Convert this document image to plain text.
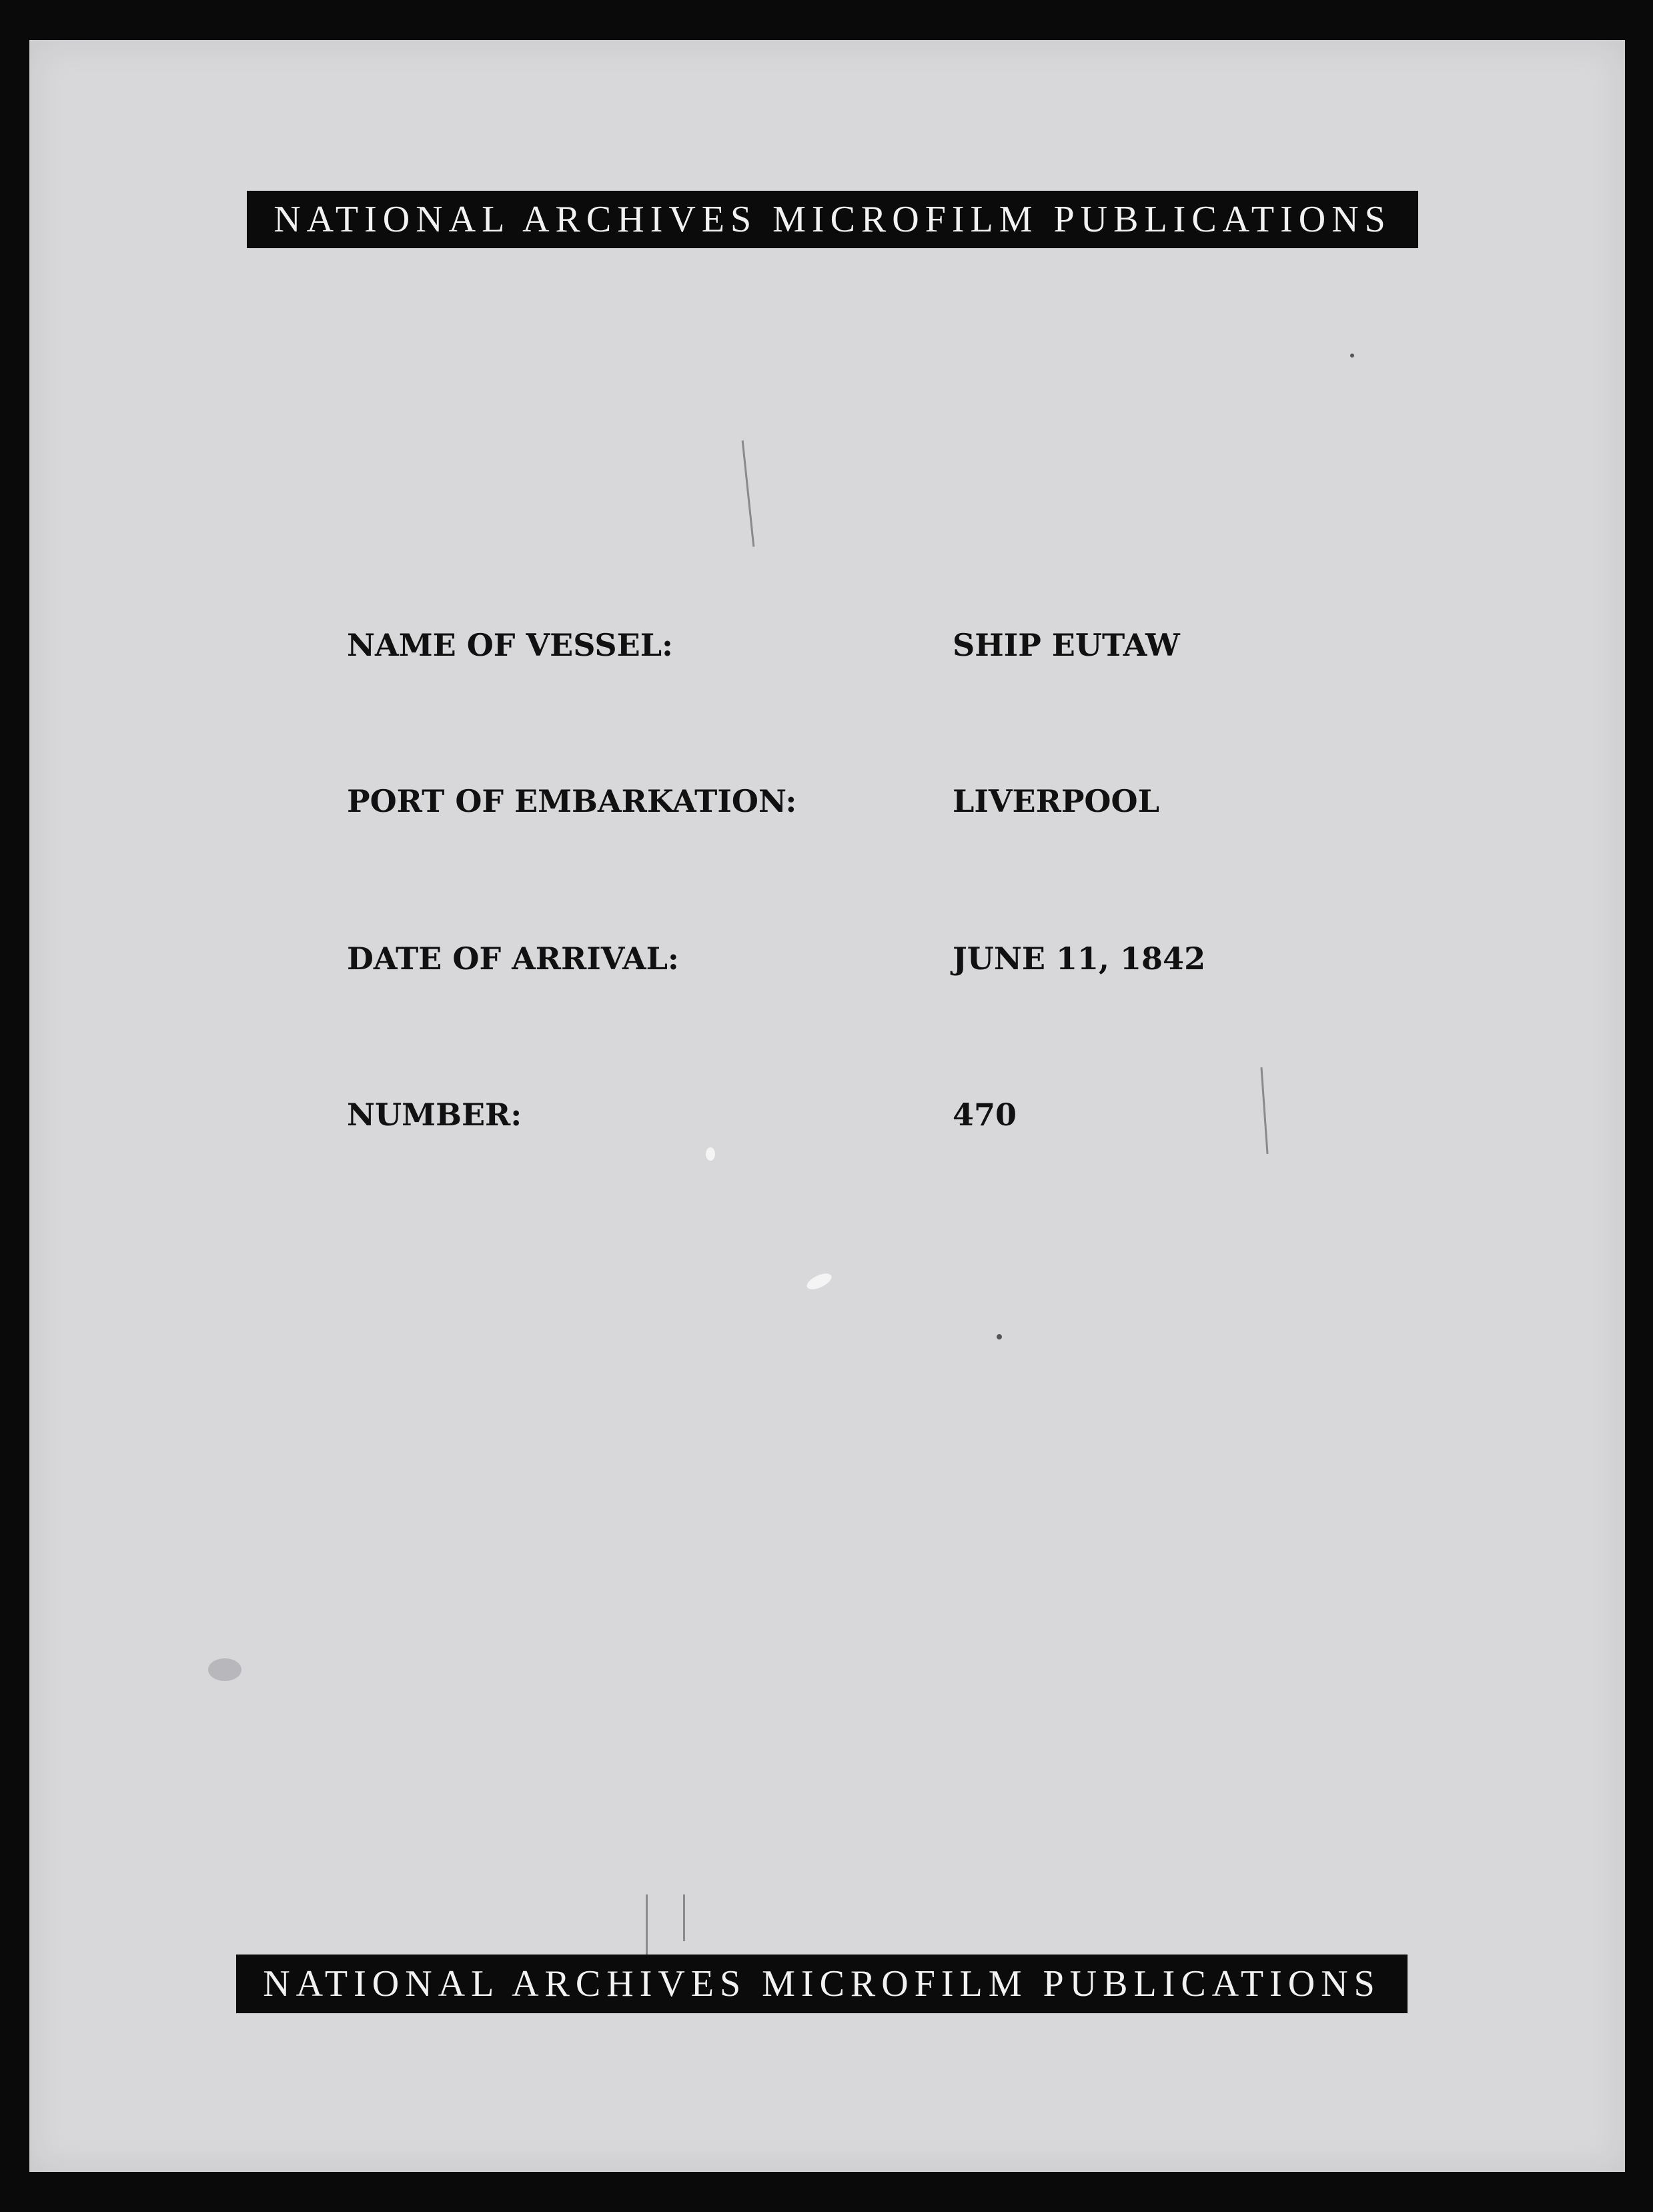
NATIONAL ARCHIVES MICROFILM PUBLICATIONS
NAME OF VESSEL:	SHIP EUTAW
PORT OF EMBARKATION:	LIVERPOOL
DATE OF ARRIVAL:	JUNE 11, 1842
NUMBER:	470
NATIONAL ARCHIVES MICROFILM PUBLICATIONS
